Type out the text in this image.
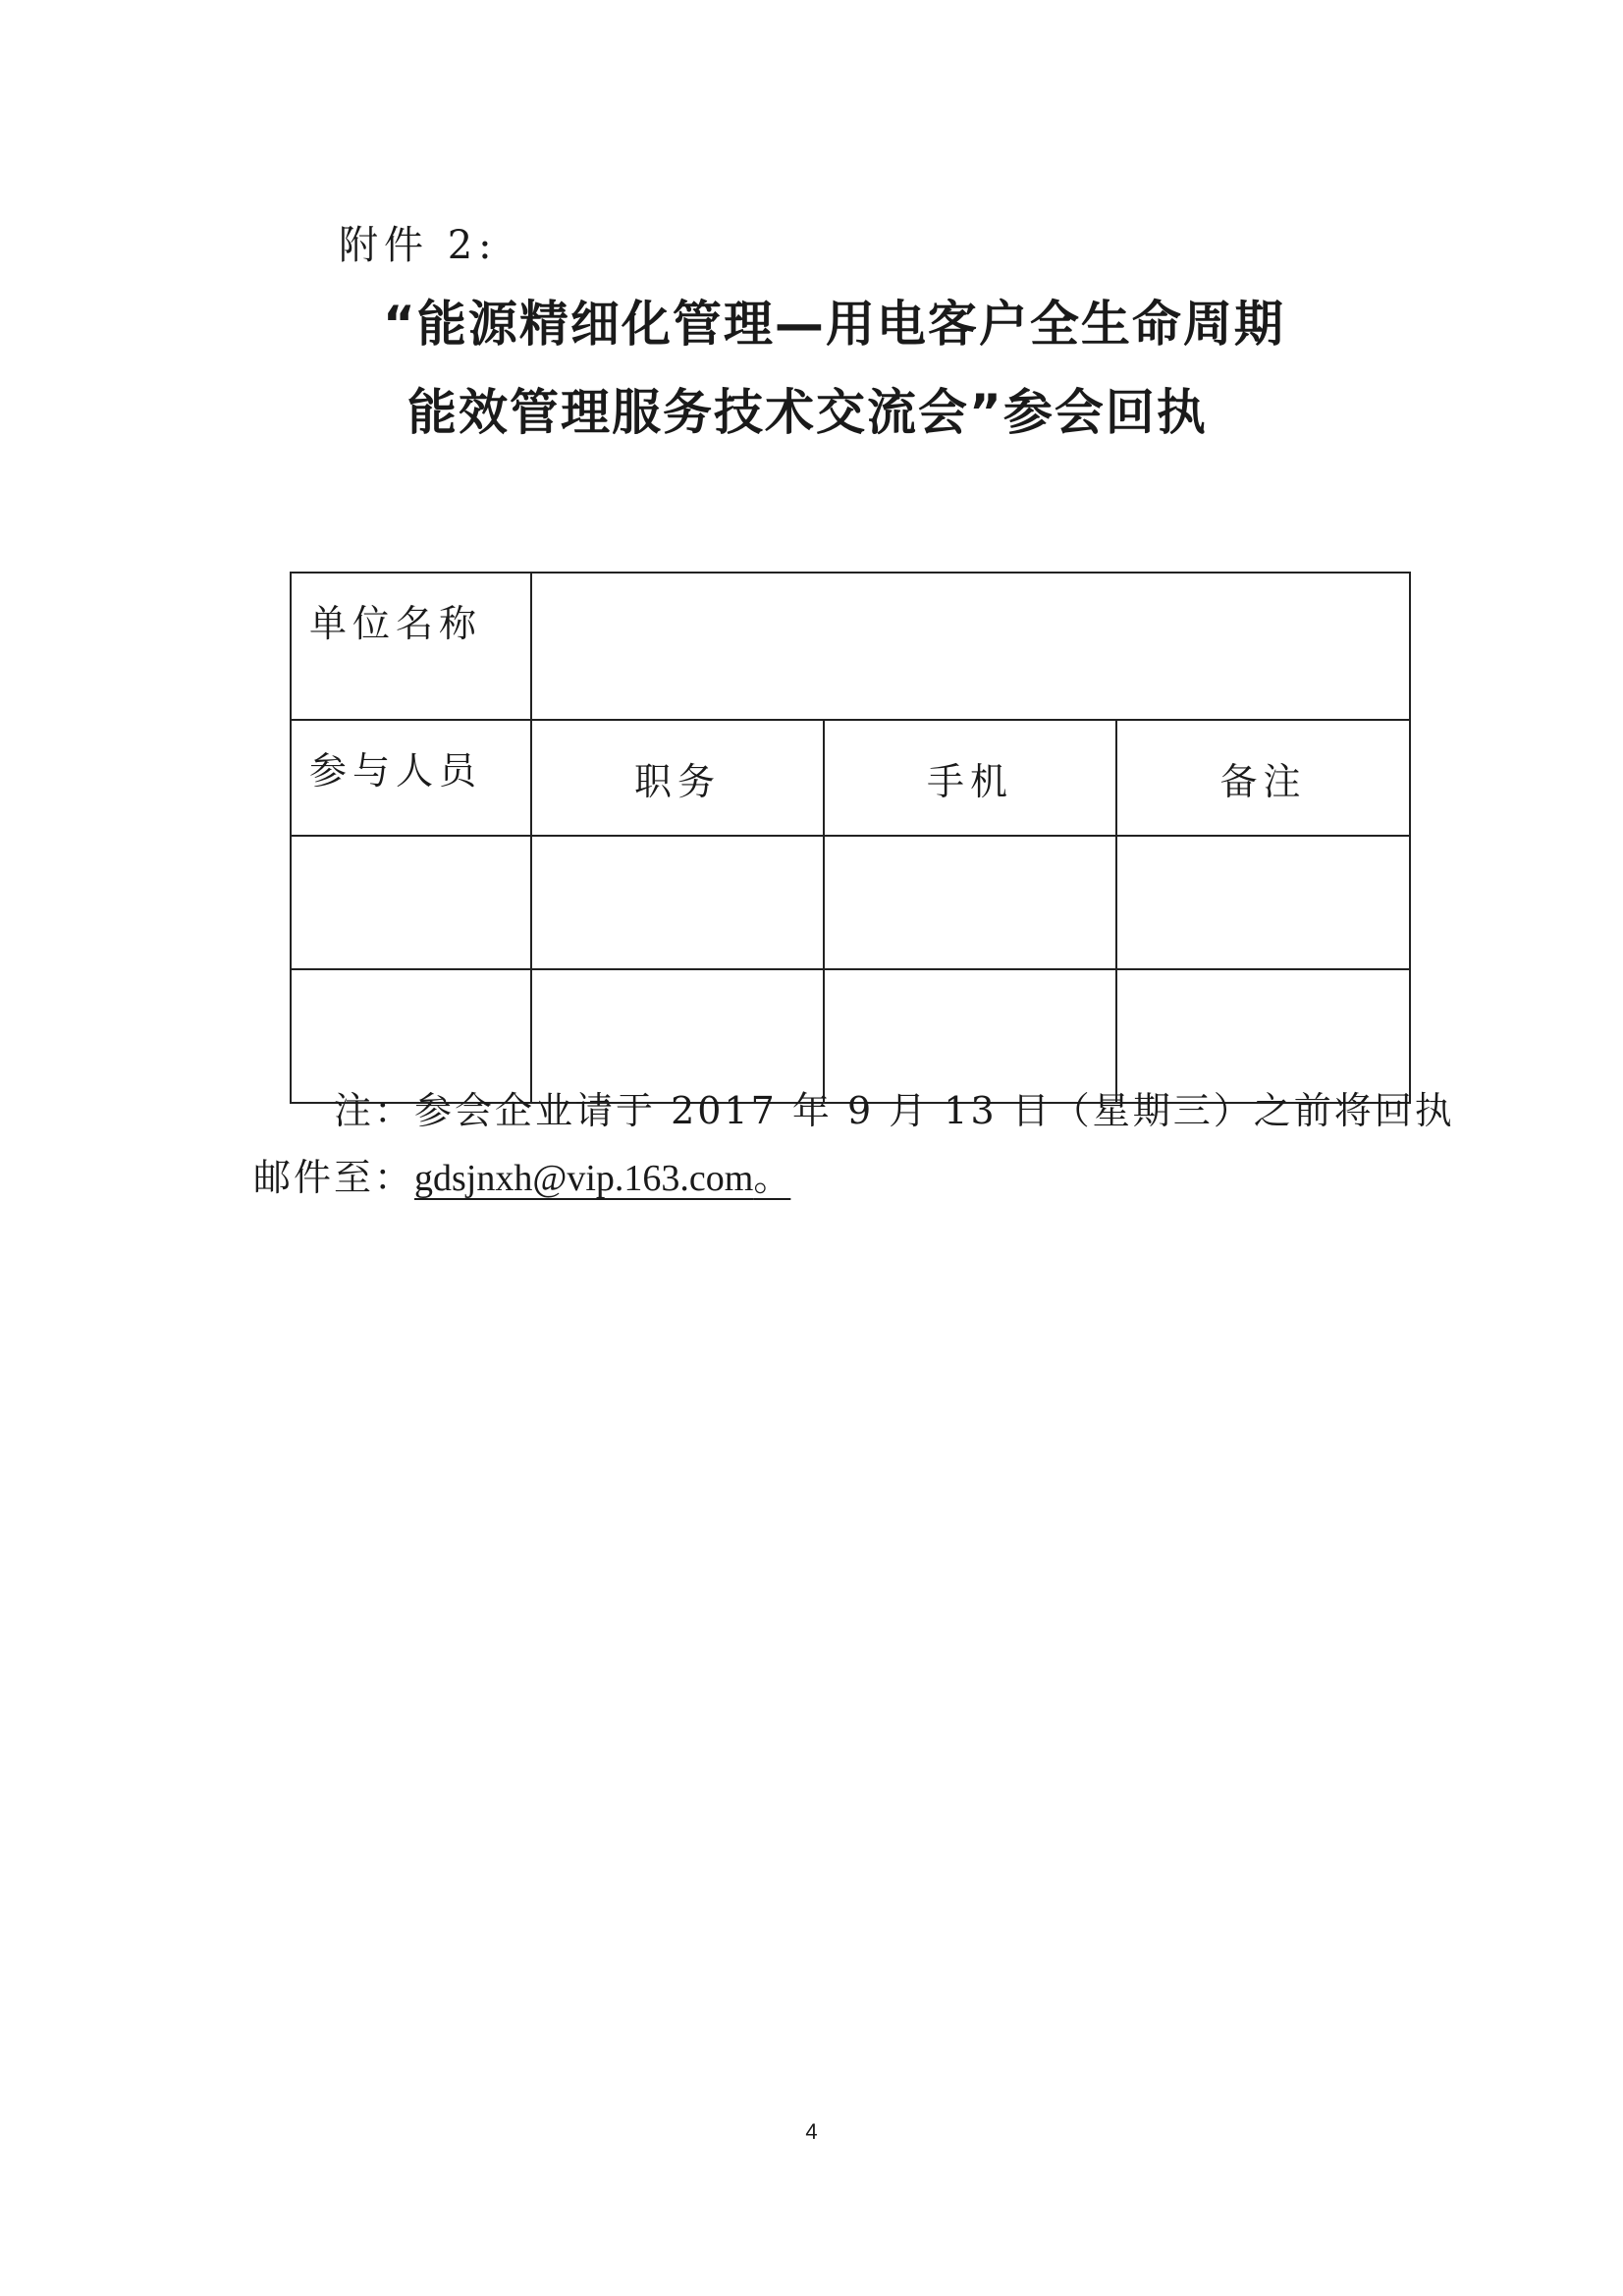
附件 2:
“能源精细化管理—用电客户全生命周期
能效管理服务技术交流会”参会回执
单位名称			
参与人员	职务	手机	备注

注：参会企业请于 2017 年 9 月 13 日（星期三）之前将回执
邮件至：gdsjnxh@vip.163.com。
4
